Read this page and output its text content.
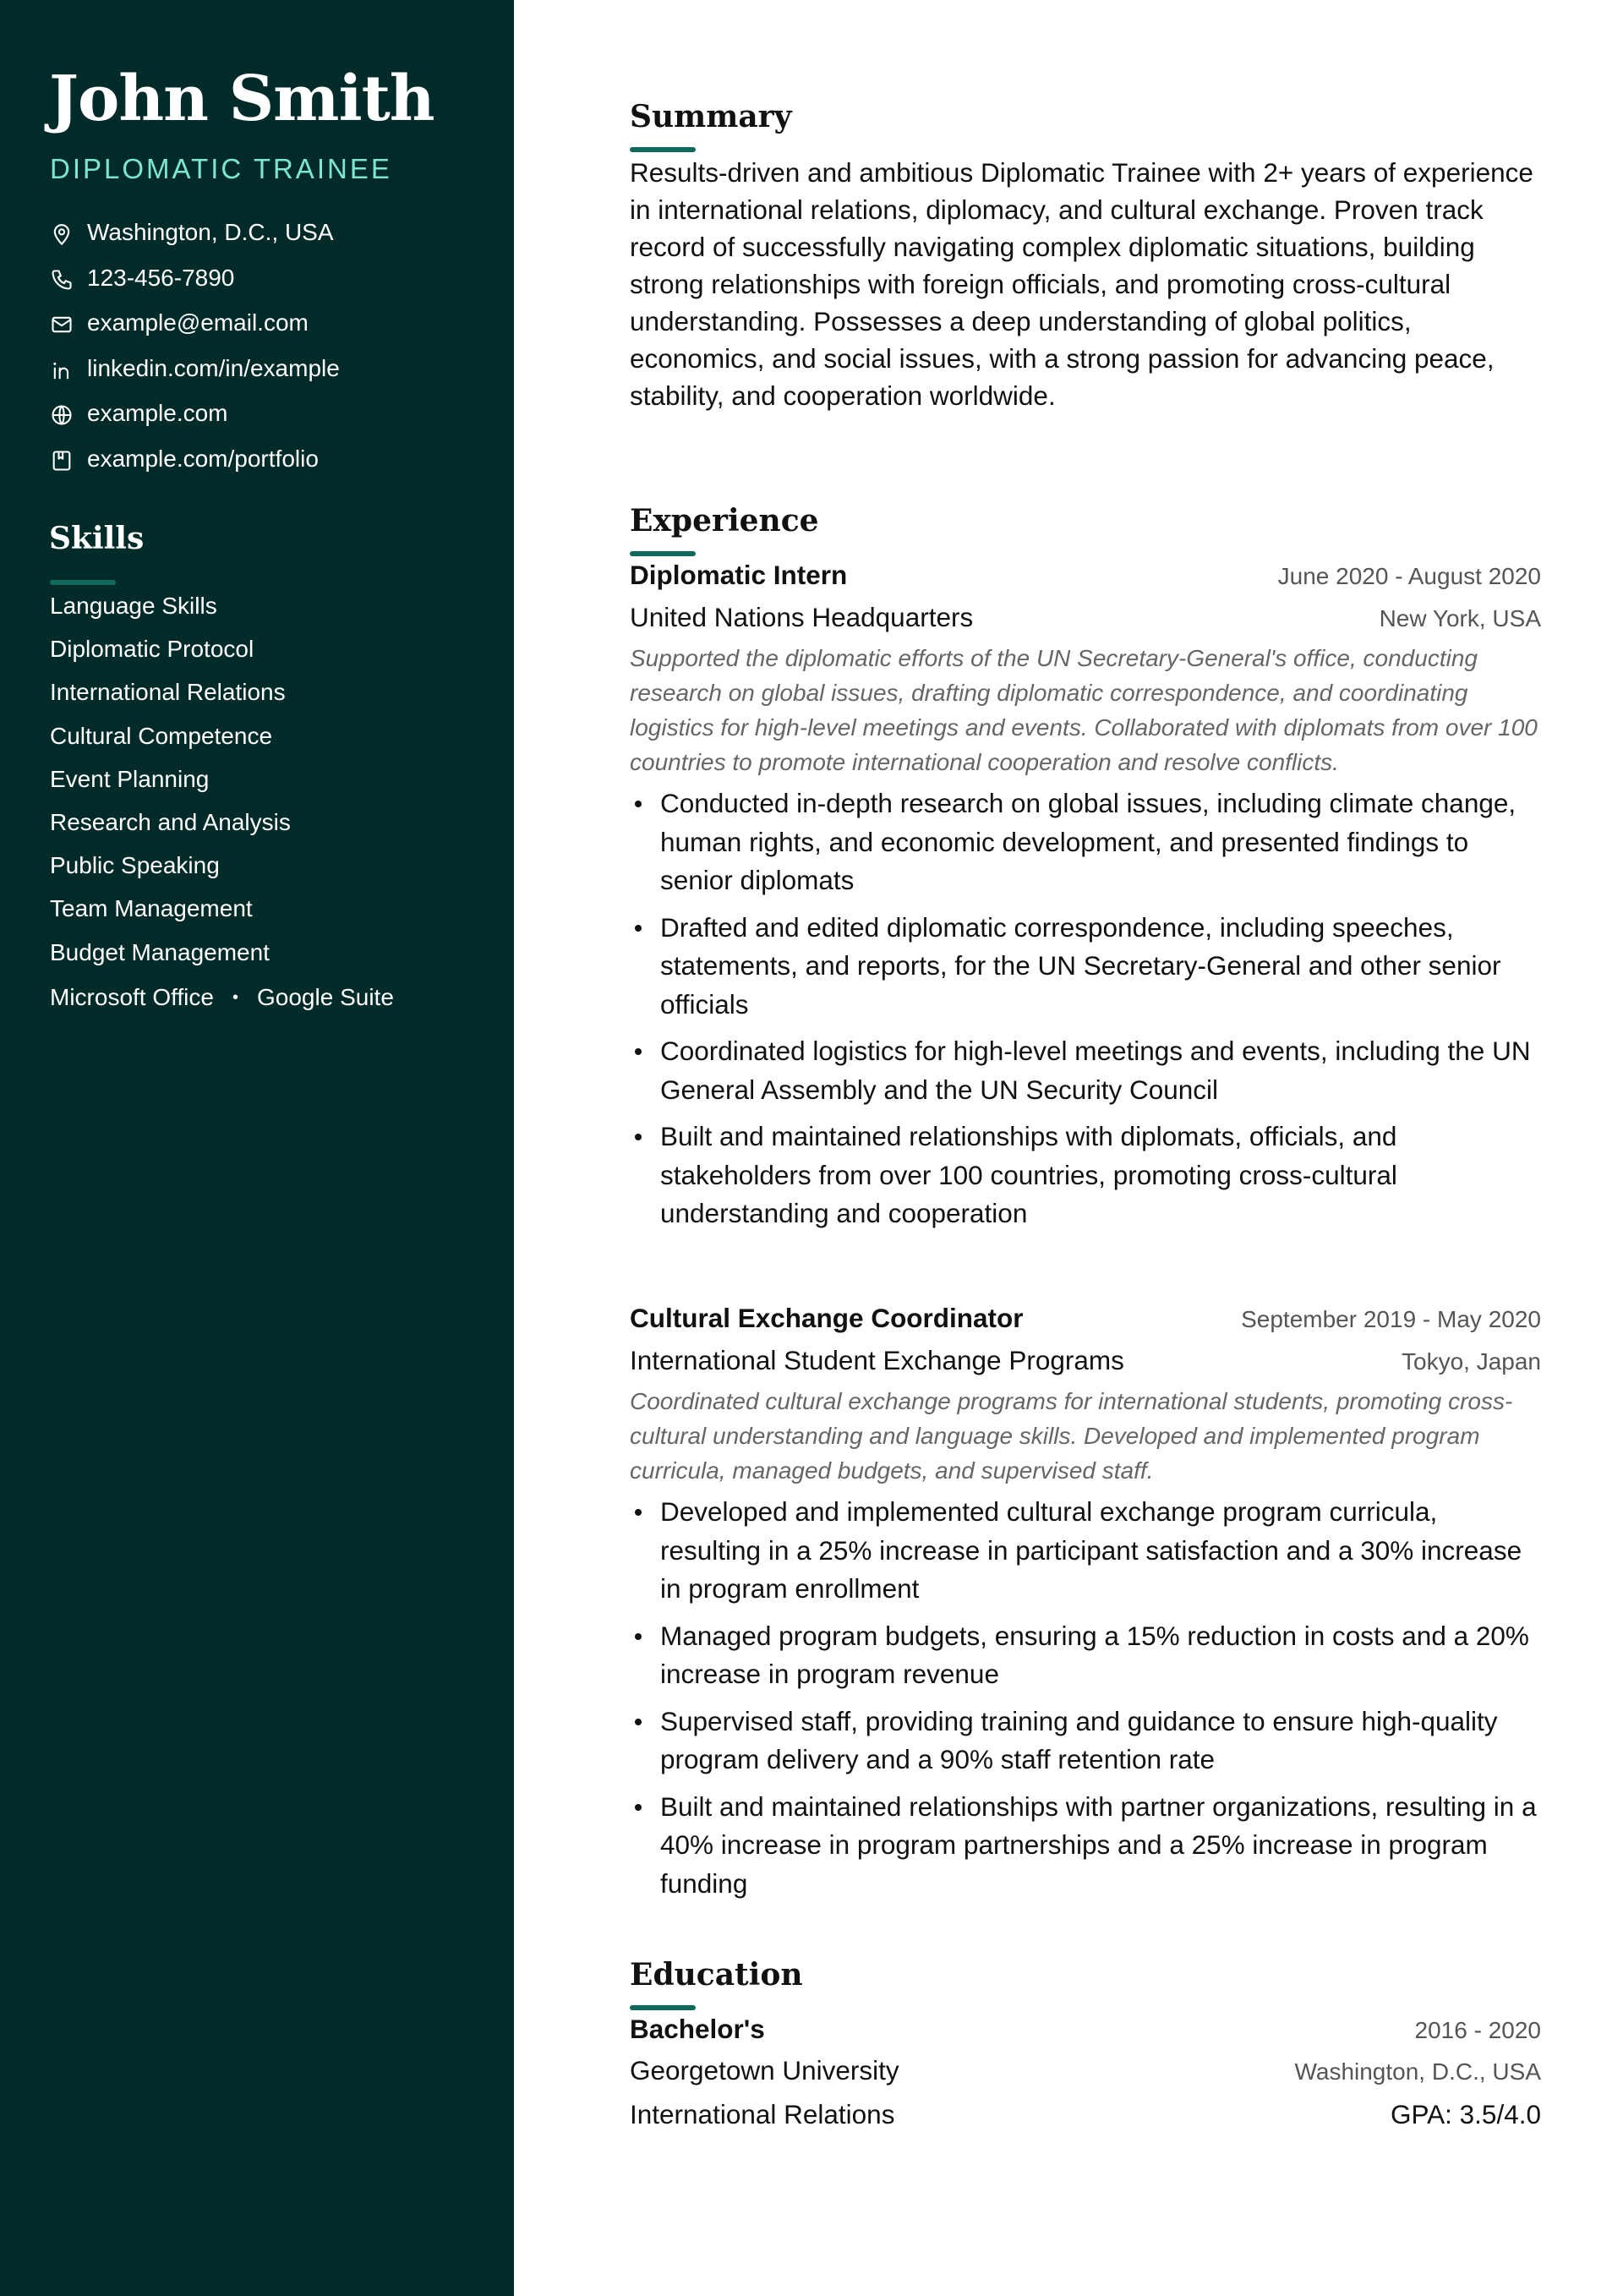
John Smith
DIPLOMATIC TRAINEE
Washington, D.C., USA
123-456-7890
example@email.com
linkedin.com/in/example
example.com
example.com/portfolio
Skills
Language Skills
Diplomatic Protocol
International Relations
Cultural Competence
Event Planning
Research and Analysis
Public Speaking
Team Management
Budget Management
Microsoft Office • Google Suite
Summary

Results-driven and ambitious Diplomatic Trainee with 2+ years of experience in international relations, diplomacy, and cultural exchange. Proven track record of successfully navigating complex diplomatic situations, building strong relationships with foreign officials, and promoting cross-cultural understanding. Possesses a deep understanding of global politics, economics, and social issues, with a strong passion for advancing peace, stability, and cooperation worldwide.

Experience
Diplomatic Intern	June 2020 - August 2020
United Nations Headquarters	New York, USA

Supported the diplomatic efforts of the UN Secretary-General's office, conducting research on global issues, drafting diplomatic correspondence, and coordinating logistics for high-level meetings and events. Collaborated with diplomats from over 100 countries to promote international cooperation and resolve conflicts.

Conducted in-depth research on global issues, including climate change, human rights, and economic development, and presented findings to senior diplomats
Drafted and edited diplomatic correspondence, including speeches, statements, and reports, for the UN Secretary-General and other senior officials
Coordinated logistics for high-level meetings and events, including the UN General Assembly and the UN Security Council
Built and maintained relationships with diplomats, officials, and stakeholders from over 100 countries, promoting cross-cultural understanding and cooperation
Cultural Exchange Coordinator	September 2019 - May 2020
International Student Exchange Programs	Tokyo, Japan

Coordinated cultural exchange programs for international students, promoting cross-cultural understanding and language skills. Developed and implemented program curricula, managed budgets, and supervised staff.

Developed and implemented cultural exchange program curricula, resulting in a 25% increase in participant satisfaction and a 30% increase in program enrollment
Managed program budgets, ensuring a 15% reduction in costs and a 20% increase in program revenue
Supervised staff, providing training and guidance to ensure high-quality program delivery and a 90% staff retention rate
Built and maintained relationships with partner organizations, resulting in a 40% increase in program partnerships and a 25% increase in program funding
Education
Bachelor's	2016 - 2020
Georgetown University	Washington, D.C., USA
International Relations	GPA: 3.5/4.0
